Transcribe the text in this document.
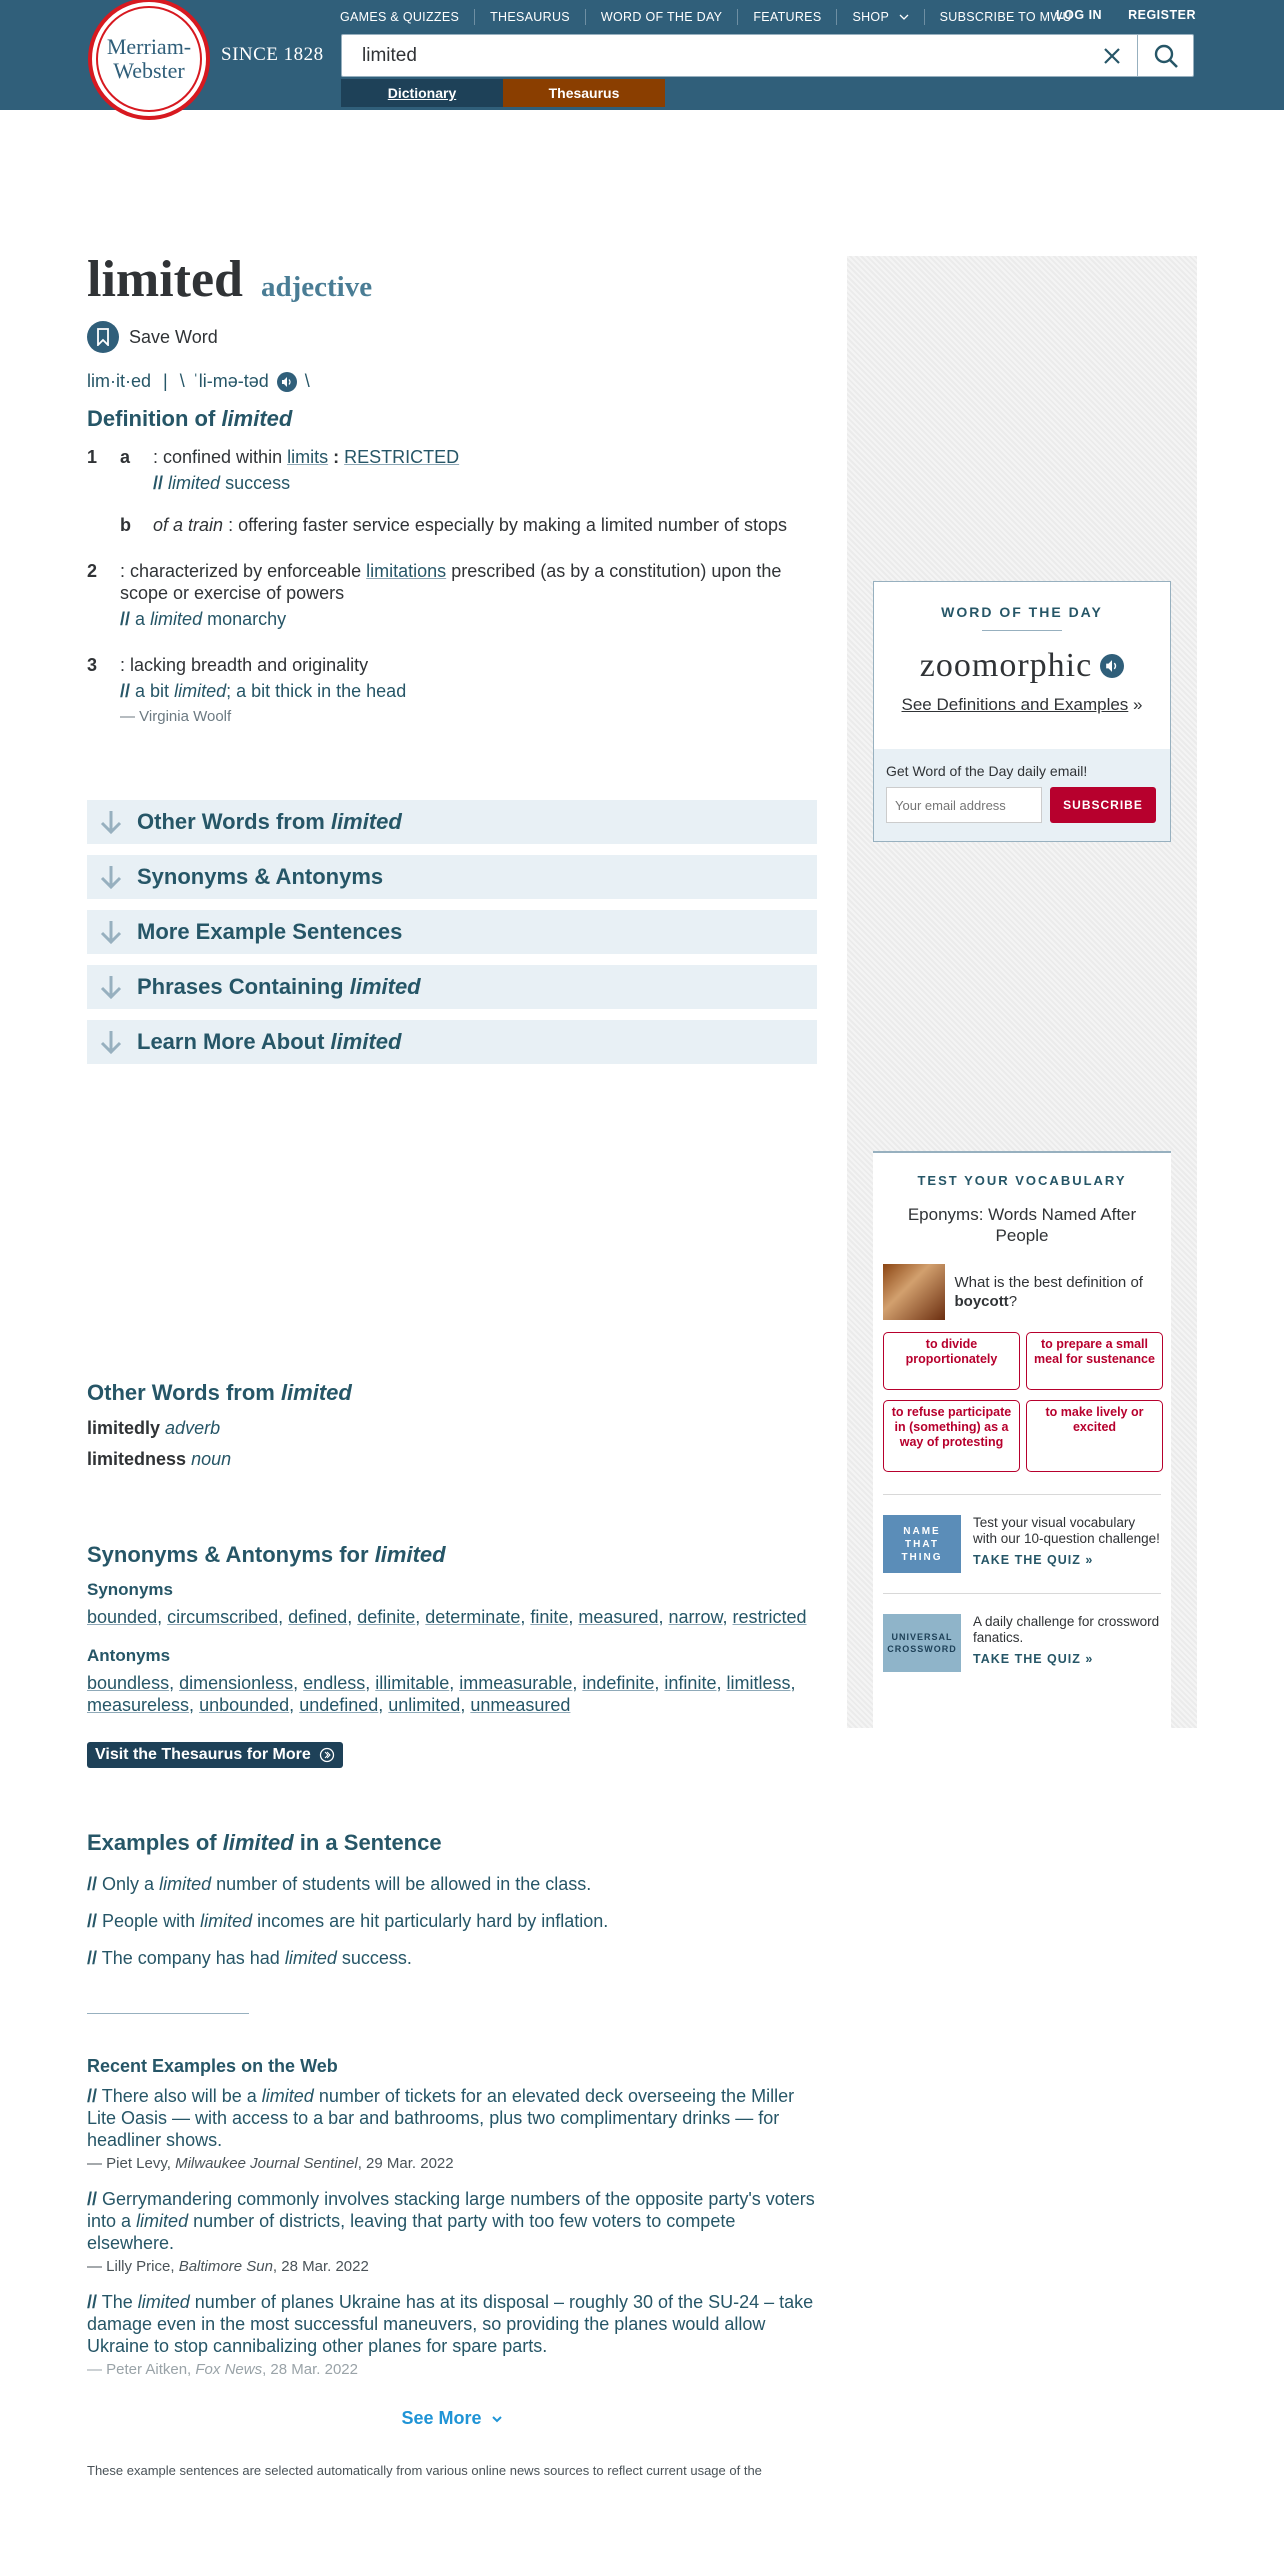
Merriam-
Webster
SINCE 1828
GAMES & QUIZZES	THESAURUS	WORD OF THE DAY	FEATURES	SHOP	SUBSCRIBE TO MWU
LOG IN REGISTER
limited
Dictionary	Thesaurus
limited adjective
Save Word
lim·it·ed | \ ˈli-mə-təd \
Definition of limited
1 a : confined within limits : RESTRICTED
// limited success
b of a train : offering faster service especially by making a limited number of stops
2 : characterized by enforceable limitations prescribed (as by a constitution) upon the scope or exercise of powers
// a limited monarchy
3 : lacking breadth and originality
// a bit limited; a bit thick in the head
— Virginia Woolf
Other Words from limited
Synonyms & Antonyms
More Example Sentences
Phrases Containing limited
Learn More About limited
Other Words from limited
limitedly adverb
limitedness noun
Synonyms & Antonyms for limited
Synonyms
bounded, circumscribed, defined, definite, determinate, finite, measured, narrow, restricted
Antonyms
boundless, dimensionless, endless, illimitable, immeasurable, indefinite, infinite, limitless, measureless, unbounded, undefined, unlimited, unmeasured
Visit the Thesaurus for More
Examples of limited in a Sentence
// Only a limited number of students will be allowed in the class.
// People with limited incomes are hit particularly hard by inflation.
// The company has had limited success.
Recent Examples on the Web
// There also will be a limited number of tickets for an elevated deck overseeing the Miller Lite Oasis — with access to a bar and bathrooms, plus two complimentary drinks — for headliner shows.
— Piet Levy, Milwaukee Journal Sentinel, 29 Mar. 2022
// Gerrymandering commonly involves stacking large numbers of the opposite party's voters into a limited number of districts, leaving that party with too few voters to compete elsewhere.
— Lilly Price, Baltimore Sun, 28 Mar. 2022
// The limited number of planes Ukraine has at its disposal – roughly 30 of the SU-24 – take damage even in the most successful maneuvers, so providing the planes would allow Ukraine to stop cannibalizing other planes for spare parts.
— Peter Aitken, Fox News, 28 Mar. 2022
See More
These example sentences are selected automatically from various online news sources to reflect current usage of the
WORD OF THE DAY
zoomorphic
See Definitions and Examples »
Get Word of the Day daily email!
Your email address
SUBSCRIBE
TEST YOUR VOCABULARY
Eponyms: Words Named After People
What is the best definition of boycott?
to divide proportionately
to prepare a small meal for sustenance
to refuse participate in (something) as a way of protesting
to make lively or excited
NAME THAT THING
Test your visual vocabulary with our 10-question challenge!
TAKE THE QUIZ »
UNIVERSAL CROSSWORD
A daily challenge for crossword fanatics.
TAKE THE QUIZ »
